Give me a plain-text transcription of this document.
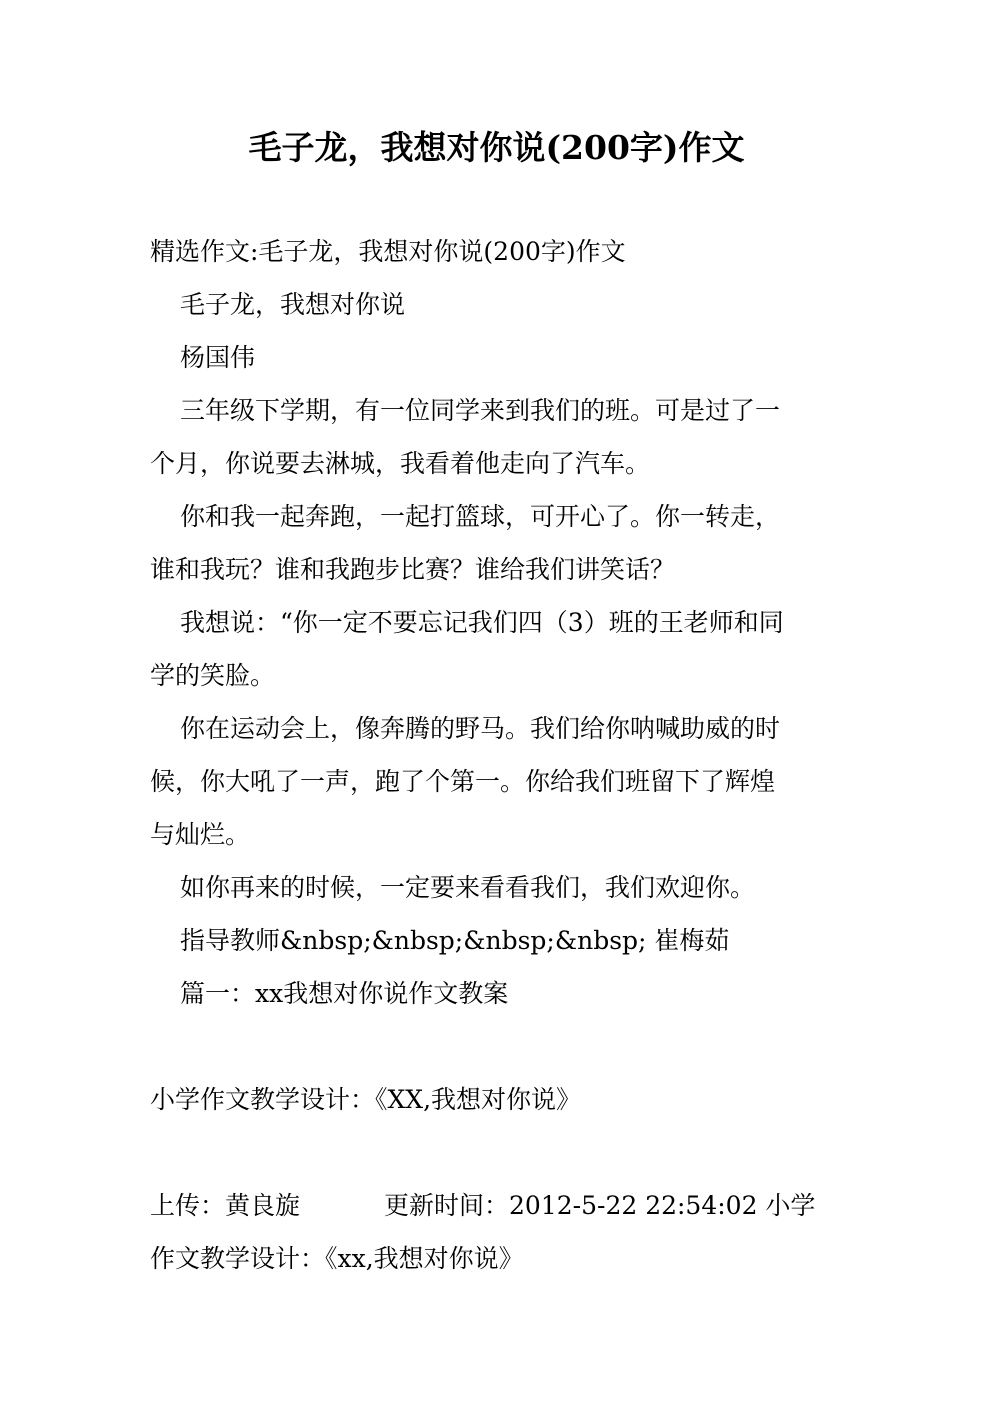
毛子龙，我想对你说(200字)作文
精选作文:毛子龙，我想对你说(200字)作文
毛子龙，我想对你说
杨国伟
三年级下学期，有一位同学来到我们的班。可是过了一
个月，你说要去淋城，我看着他走向了汽车。
你和我一起奔跑，一起打篮球，可开心了。你一转走，
谁和我玩？谁和我跑步比赛？谁给我们讲笑话？
我想说：“你一定不要忘记我们四（3）班的王老师和同
学的笑脸。
你在运动会上，像奔腾的野马。我们给你呐喊助威的时
候，你大吼了一声，跑了个第一。你给我们班留下了辉煌
与灿烂。
如你再来的时候，一定要来看看我们，我们欢迎你。
指导教师&nbsp;&nbsp;&nbsp;&nbsp; 崔梅茹
篇一：xx我想对你说作文教案
小学作文教学设计：《XX,我想对你说》
上传：黄良旋	更新时间：2012-5-22 22:54:02 小学
作文教学设计：《xx,我想对你说》
